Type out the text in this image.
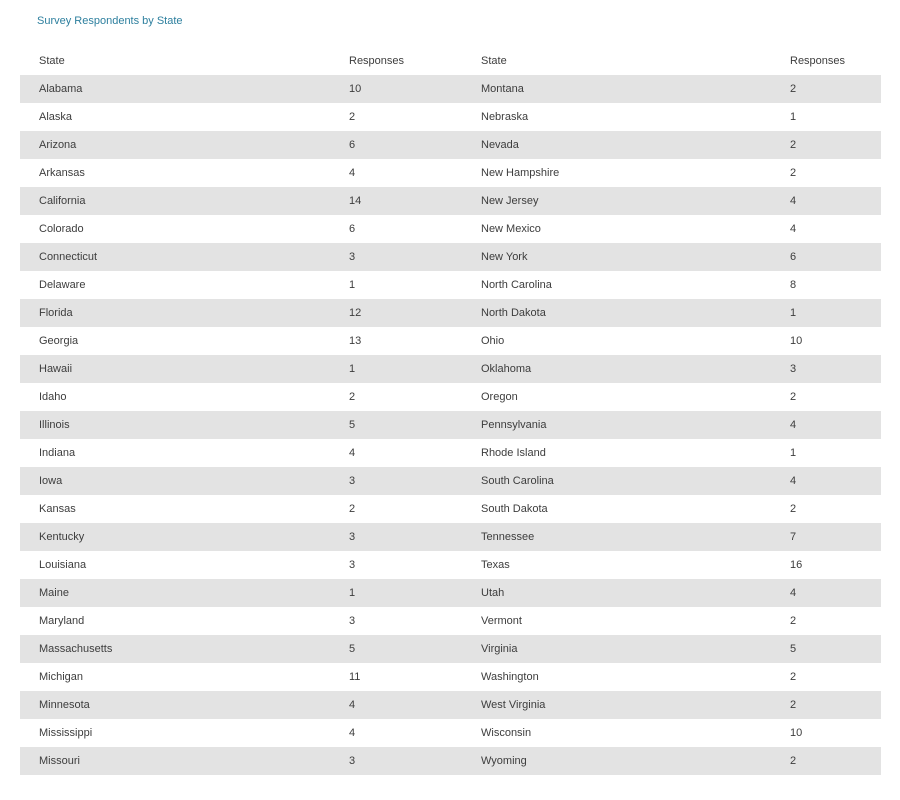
Survey Respondents by State
State	Responses	State	Responses
Alabama	10	Montana	2
Alaska	2	Nebraska	1
Arizona	6	Nevada	2
Arkansas	4	New Hampshire	2
California	14	New Jersey	4
Colorado	6	New Mexico	4
Connecticut	3	New York	6
Delaware	1	North Carolina	8
Florida	12	North Dakota	1
Georgia	13	Ohio	10
Hawaii	1	Oklahoma	3
Idaho	2	Oregon	2
Illinois	5	Pennsylvania	4
Indiana	4	Rhode Island	1
Iowa	3	South Carolina	4
Kansas	2	South Dakota	2
Kentucky	3	Tennessee	7
Louisiana	3	Texas	16
Maine	1	Utah	4
Maryland	3	Vermont	2
Massachusetts	5	Virginia	5
Michigan	11	Washington	2
Minnesota	4	West Virginia	2
Mississippi	4	Wisconsin	10
Missouri	3	Wyoming	2
